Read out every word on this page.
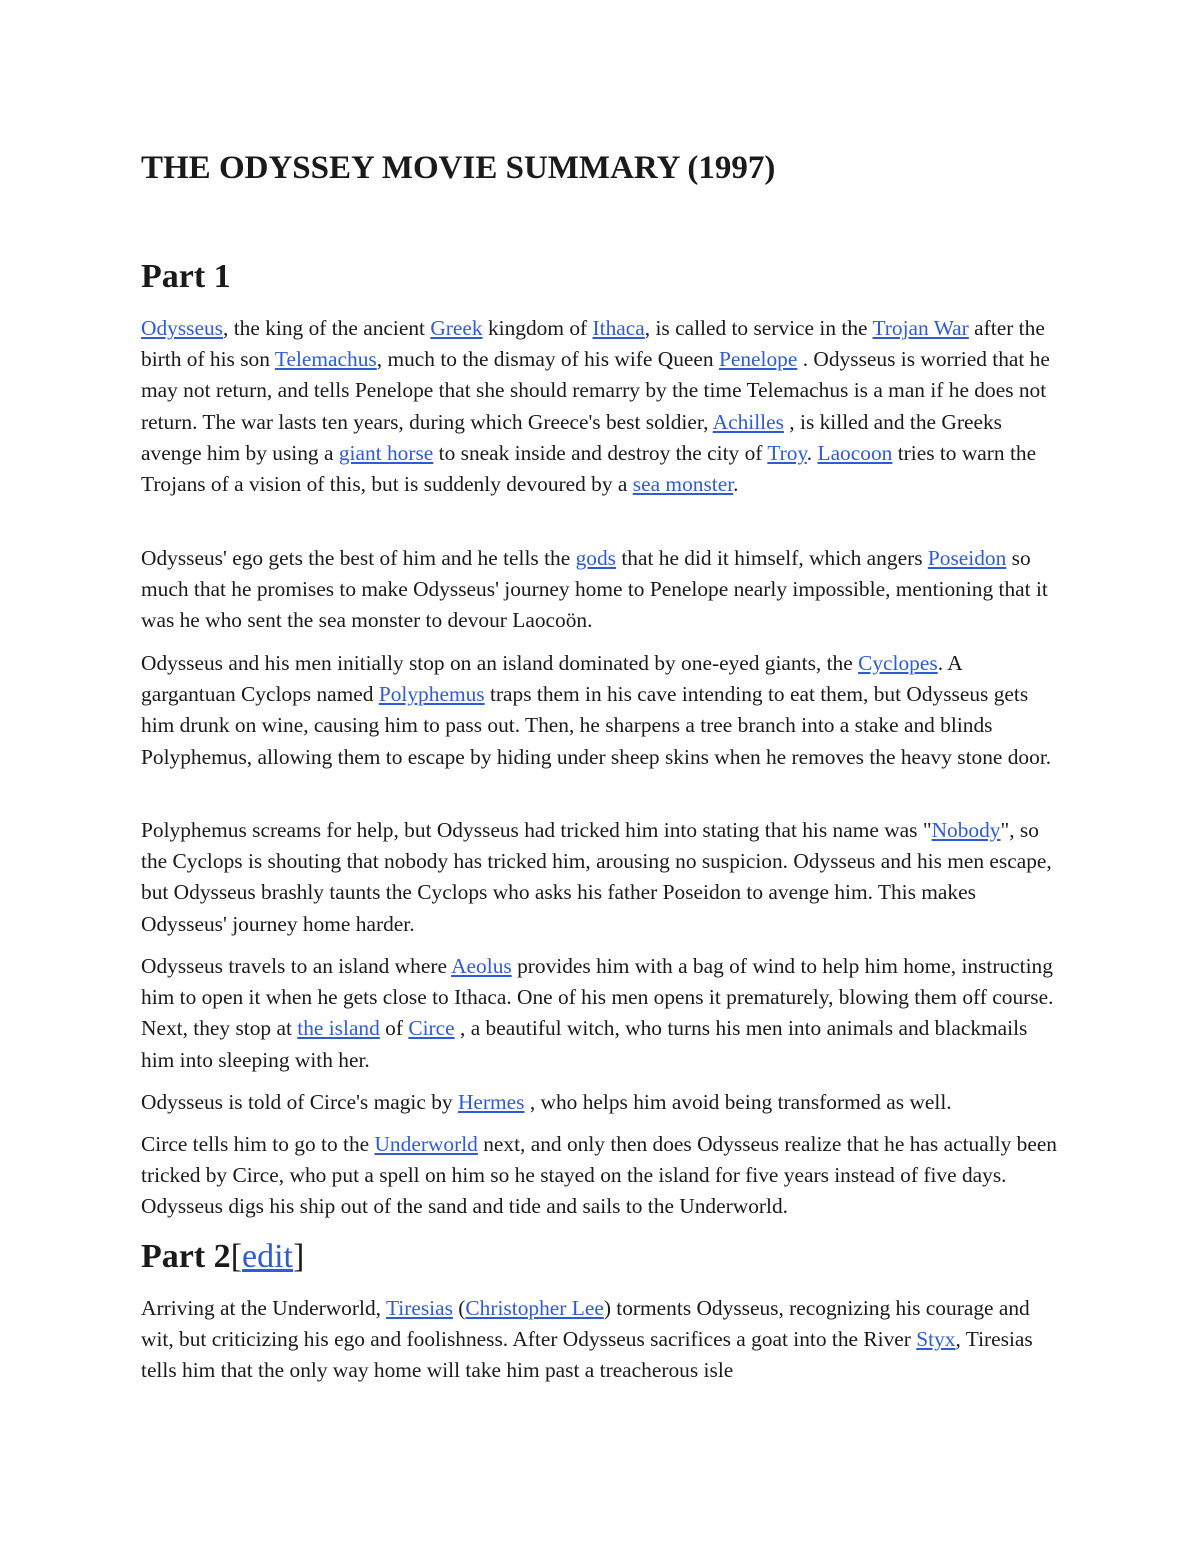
THE ODYSSEY MOVIE SUMMARY (1997)
Part 1

Odysseus, the king of the ancient Greek kingdom of Ithaca, is called to service in the Trojan War after the birth of his son Telemachus, much to the dismay of his wife Queen Penelope . Odysseus is worried that he may not return, and tells Penelope that she should remarry by the time Telemachus is a man if he does not return. The war lasts ten years, during which Greece's best soldier, Achilles , is killed and the Greeks avenge him by using a giant horse to sneak inside and destroy the city of Troy. Laocoon tries to warn the Trojans of a vision of this, but is suddenly devoured by a sea monster.

Odysseus' ego gets the best of him and he tells the gods that he did it himself, which angers Poseidon so much that he promises to make Odysseus' journey home to Penelope nearly impossible, mentioning that it was he who sent the sea monster to devour Laocoön.

Odysseus and his men initially stop on an island dominated by one-eyed giants, the Cyclopes. A gargantuan Cyclops named Polyphemus traps them in his cave intending to eat them, but Odysseus gets him drunk on wine, causing him to pass out. Then, he sharpens a tree branch into a stake and blinds Polyphemus, allowing them to escape by hiding under sheep skins when he removes the heavy stone door.

Polyphemus screams for help, but Odysseus had tricked him into stating that his name was "Nobody", so the Cyclops is shouting that nobody has tricked him, arousing no suspicion. Odysseus and his men escape, but Odysseus brashly taunts the Cyclops who asks his father Poseidon to avenge him. This makes Odysseus' journey home harder.

Odysseus travels to an island where Aeolus provides him with a bag of wind to help him home, instructing him to open it when he gets close to Ithaca. One of his men opens it prematurely, blowing them off course. Next, they stop at the island of Circe , a beautiful witch, who turns his men into animals and blackmails him into sleeping with her.

Odysseus is told of Circe's magic by Hermes , who helps him avoid being transformed as well.

Circe tells him to go to the Underworld next, and only then does Odysseus realize that he has actually been tricked by Circe, who put a spell on him so he stayed on the island for five years instead of five days. Odysseus digs his ship out of the sand and tide and sails to the Underworld.

Part 2[edit]

Arriving at the Underworld, Tiresias (Christopher Lee) torments Odysseus, recognizing his courage and wit, but criticizing his ego and foolishness. After Odysseus sacrifices a goat into the River Styx, Tiresias tells him that the only way home will take him past a treacherous isle
